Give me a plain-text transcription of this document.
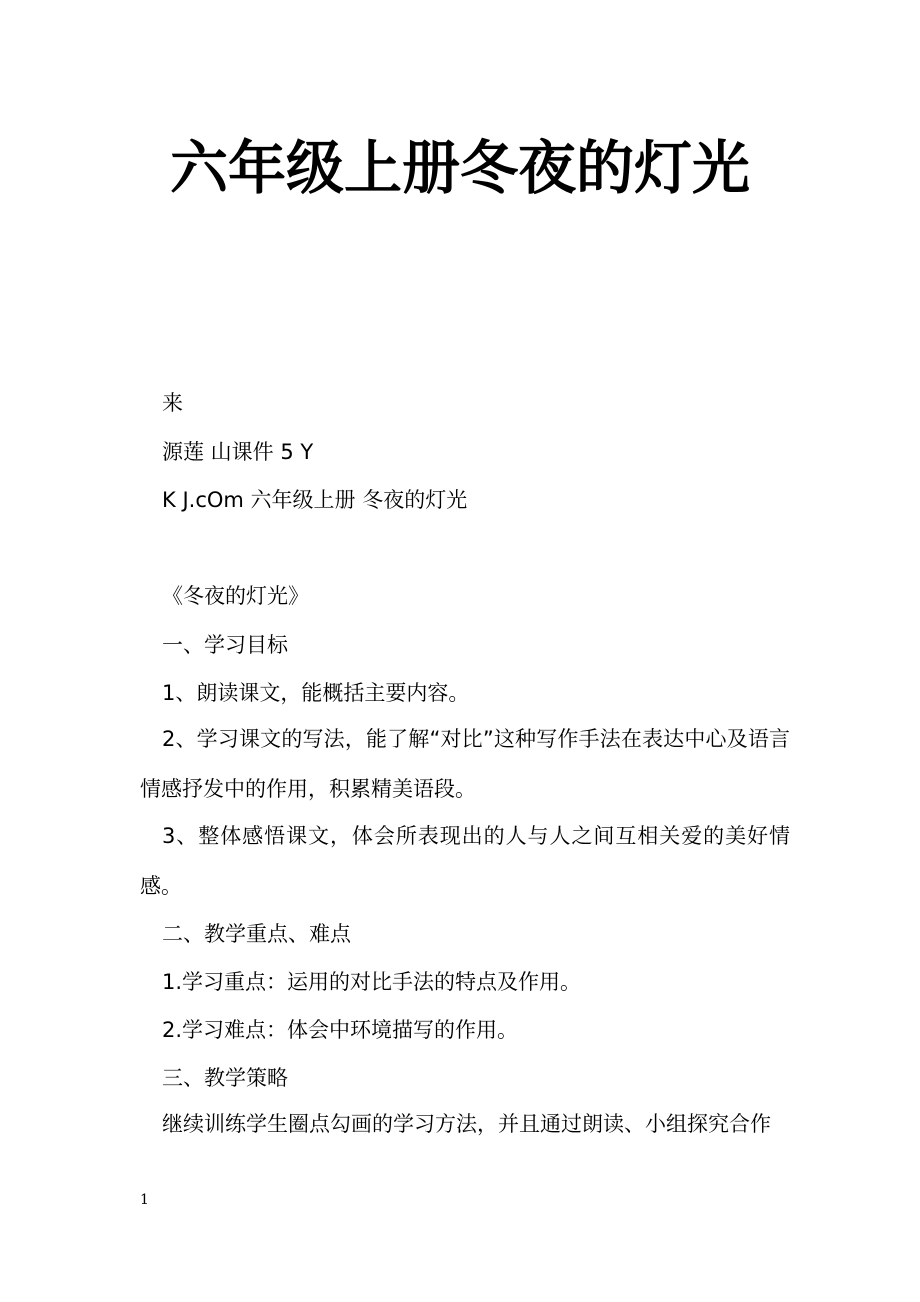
六年级上册冬夜的灯光
来
源莲 山课件 5 Y
K J.cOm 六年级上册 冬夜的灯光
《冬夜的灯光》
一、学习目标
1、朗读课文，能概括主要内容。
2、学习课文的写法，能了解“对比”这种写作手法在表达中心及语言情感抒发中的作用，积累精美语段。
3、整体感悟课文，体会所表现出的人与人之间互相关爱的美好情感。
二、教学重点、难点
1.学习重点：运用的对比手法的特点及作用。
2.学习难点：体会中环境描写的作用。
三、教学策略
继续训练学生圈点勾画的学习方法，并且通过朗读、小组探究合作
1
